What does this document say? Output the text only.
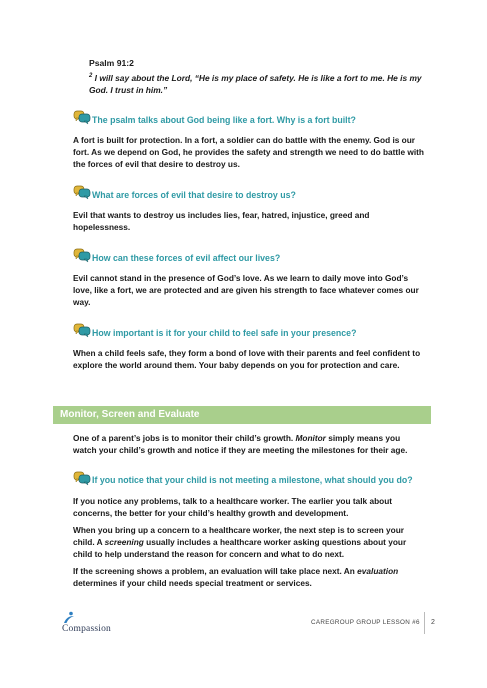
Psalm 91:2
$^2$ I will say about the Lord, “He is my place of safety. He is like a fort to me. He is my
God. I trust in him.”
The psalm talks about God being like a fort. Why is a fort built?
A fort is built for protection. In a fort, a soldier can do battle with the enemy. God is our fort. As we depend on God, he provides the safety and strength we need to do battle with the forces of evil that desire to destroy us.
What are forces of evil that desire to destroy us?
Evil that wants to destroy us includes lies, fear, hatred, injustice, greed and hopelessness.
How can these forces of evil affect our lives?
Evil cannot stand in the presence of God’s love. As we learn to daily move into God’s love, like a fort, we are protected and are given his strength to face whatever comes our way.
How important is it for your child to feel safe in your presence?
When a child feels safe, they form a bond of love with their parents and feel confident to explore the world around them. Your baby depends on you for protection and care.
Monitor, Screen and Evaluate
One of a parent’s jobs is to monitor their child’s growth. Monitor simply means you watch your child’s growth and notice if they are meeting the milestones for their age.
If you notice that your child is not meeting a milestone, what should you do?
If you notice any problems, talk to a healthcare worker. The earlier you talk about concerns, the better for your child’s healthy growth and development.
When you bring up a concern to a healthcare worker, the next step is to screen your child. A screening usually includes a healthcare worker asking questions about your child to help understand the reason for concern and what to do next.
If the screening shows a problem, an evaluation will take place next. An evaluation determines if your child needs special treatment or services.
Compassion
CAREGROUP GROUP LESSON #6 2
